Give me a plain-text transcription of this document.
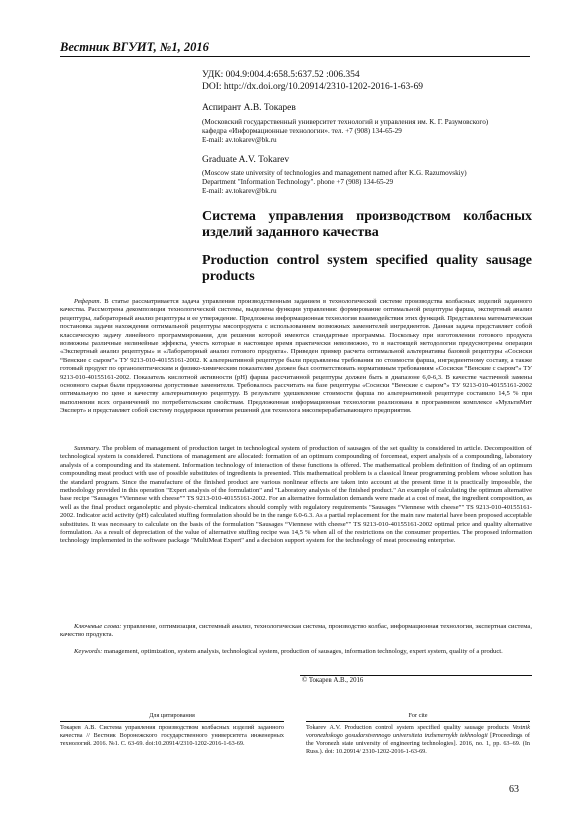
Вестник ВГУИТ, №1, 2016
УДК: 004.9:004.4:658.5:637.52 :006.354
DOI: http://dx.doi.org/10.20914/2310-1202-2016-1-63-69
Аспирант А.В. Токарев
(Московский государственный университет технологий и управления им. К. Г. Разумовского)
кафедра «Информационные технологии». тел. +7 (908) 134-65-29
E-mail: av.tokarev@bk.ru
Graduate A.V. Tokarev
(Moscow state university of technologies and management named after K.G. Razumovskiy)
Department "Information Technology". phone +7 (908) 134-65-29
E-mail: av.tokarev@bk.ru
Система управления производством колбасных изделий заданного качества
Production control system specified quality sausage products

Реферат. В статье рассматривается задача управления производственным заданием в технологической системе производства колбасных изделий заданного качества. Рассмотрена декомпозиция технологической системы, выделены функции управления: формирование оптимальной рецептуры фарша, экспертный анализ рецептуры, лабораторный анализ рецептуры и ее утверждение. Предложена информационная технология взаимодействия этих функций. Представлена математическая постановка задачи нахождения оптимальной рецептуры мясопродукта с использованием возможных заменителей ингредиентов. Данная задача представляет собой классическую задачу линейного программирования, для решения которой имеются стандартные программы. Поскольку при изготовлении готового продукта возможны различные нелинейные эффекты, учесть которые в настоящее время практически невозможно, то в настоящей методологии предусмотрены операции «Экспертный анализ рецептуры» и «Лабораторный анализ готового продукта». Приведен пример расчета оптимальной альтернативы базовой рецептуры «Сосиски “Венские с сыром”» ТУ 9213-010-40155161-2002. К альтернативной рецептуре были предъявлены требования по стоимости фарша, ингредиентному составу, а также готовый продукт по органолептическим и физико-химическим показателям должен был соответствовать нормативным требованиям «Сосиски “Венские с сыром”» ТУ 9213-010-40155161-2002. Показатель кислотной активности (pH) фарша рассчитанной рецептуры должен быть в диапазоне 6,0-6,3. В качестве частичной замены основного сырья были предложены допустимые заменители. Требовалось рассчитать на базе рецептуры «Сосиски “Венские с сыром”» ТУ 9213-010-40155161-2002 оптимальную по цене и качеству альтернативную рецептуру. В результате удешевление стоимости фарша по альтернативной рецептуре составило 14,5 % при выполнении всех ограничений по потребительским свойствам. Предложенная информационная технология реализована в программном комплексе «МультиМит Эксперт» и представляет собой систему поддержки принятия решений для технолога мясоперерабатывающего предприятия.

Summary. The problem of management of production target in technological system of production of sausages of the set quality is considered in article. Decomposition of technological system is considered. Functions of management are allocated: formation of an optimum compounding of forcemeat, expert analysis of a compounding, laboratory analysis of a compounding and its statement. Information technology of interaction of these functions is offered. The mathematical problem definition of finding of an optimum compounding meat product with use of possible substitutes of ingredients is presented. This mathematical problem is a classical linear programming problem whose solution has the standard program. Since the manufacture of the finished product are various nonlinear effects are taken into account at the present time it is practically impossible, the methodology provided in this operation "Expert analysis of the formulation" and "Laboratory analysis of the finished product." An example of calculating the optimum alternative base recipe "Sausages “Viennese with cheese”" TS 9213-010-40155161-2002. For an alternative formulation demands were made at a cost of meat, the ingredient composition, as well as the final product organoleptic and physic-chemical indicators should comply with regulatory requirements "Sausages “Viennese with cheese”" TS 9213-010-40155161-2002. Indicator acid activity (pH) calculated stuffing formulation should be in the range 6.0-6.3. As a partial replacement for the main raw material have been proposed acceptable substitutes. It was necessary to calculate on the basis of the formulation "Sausages “Viennese with cheese”" TS 9213-010-40155161-2002 optimal price and quality alternative formulation. As a result of depreciation of the value of alternative stuffing recipe was 14,5 % when all of the restrictions on the consumer properties. The proposed information technology implemented in the software package "MultiMeat Expert" and a decision support system for the technology of meat processing enterprise.

Ключевые слова: управление, оптимизация, системный анализ, технологическая система, производство колбас, информационная технология, экспертная система, качество продукта.

Keywords: management, optimization, system analysis, technological system, production of sausages, information technology, expert system, quality of a product.

© Токарев А.В., 2016
Для цитирования
Токарев А.В. Система управления производством колбасных изделий заданного качества // Вестник Воронежского государственного университета инженерных технологий. 2016. №1. С. 63-69. doi:10.20914/2310-1202-2016-1-63-69.
For cite
Tokarev A.V. Production control system specified quality sausage products Vestnik voronezhskogo gosudarstvennogo universiteta inzhenernykh tekhnologii [Proceedings of the Voronezh state university of engineering technologies]. 2016, no. 1, pp. 63–69. (In Russ.). doi: 10.20914/ 2310-1202-2016-1-63-69.
63
